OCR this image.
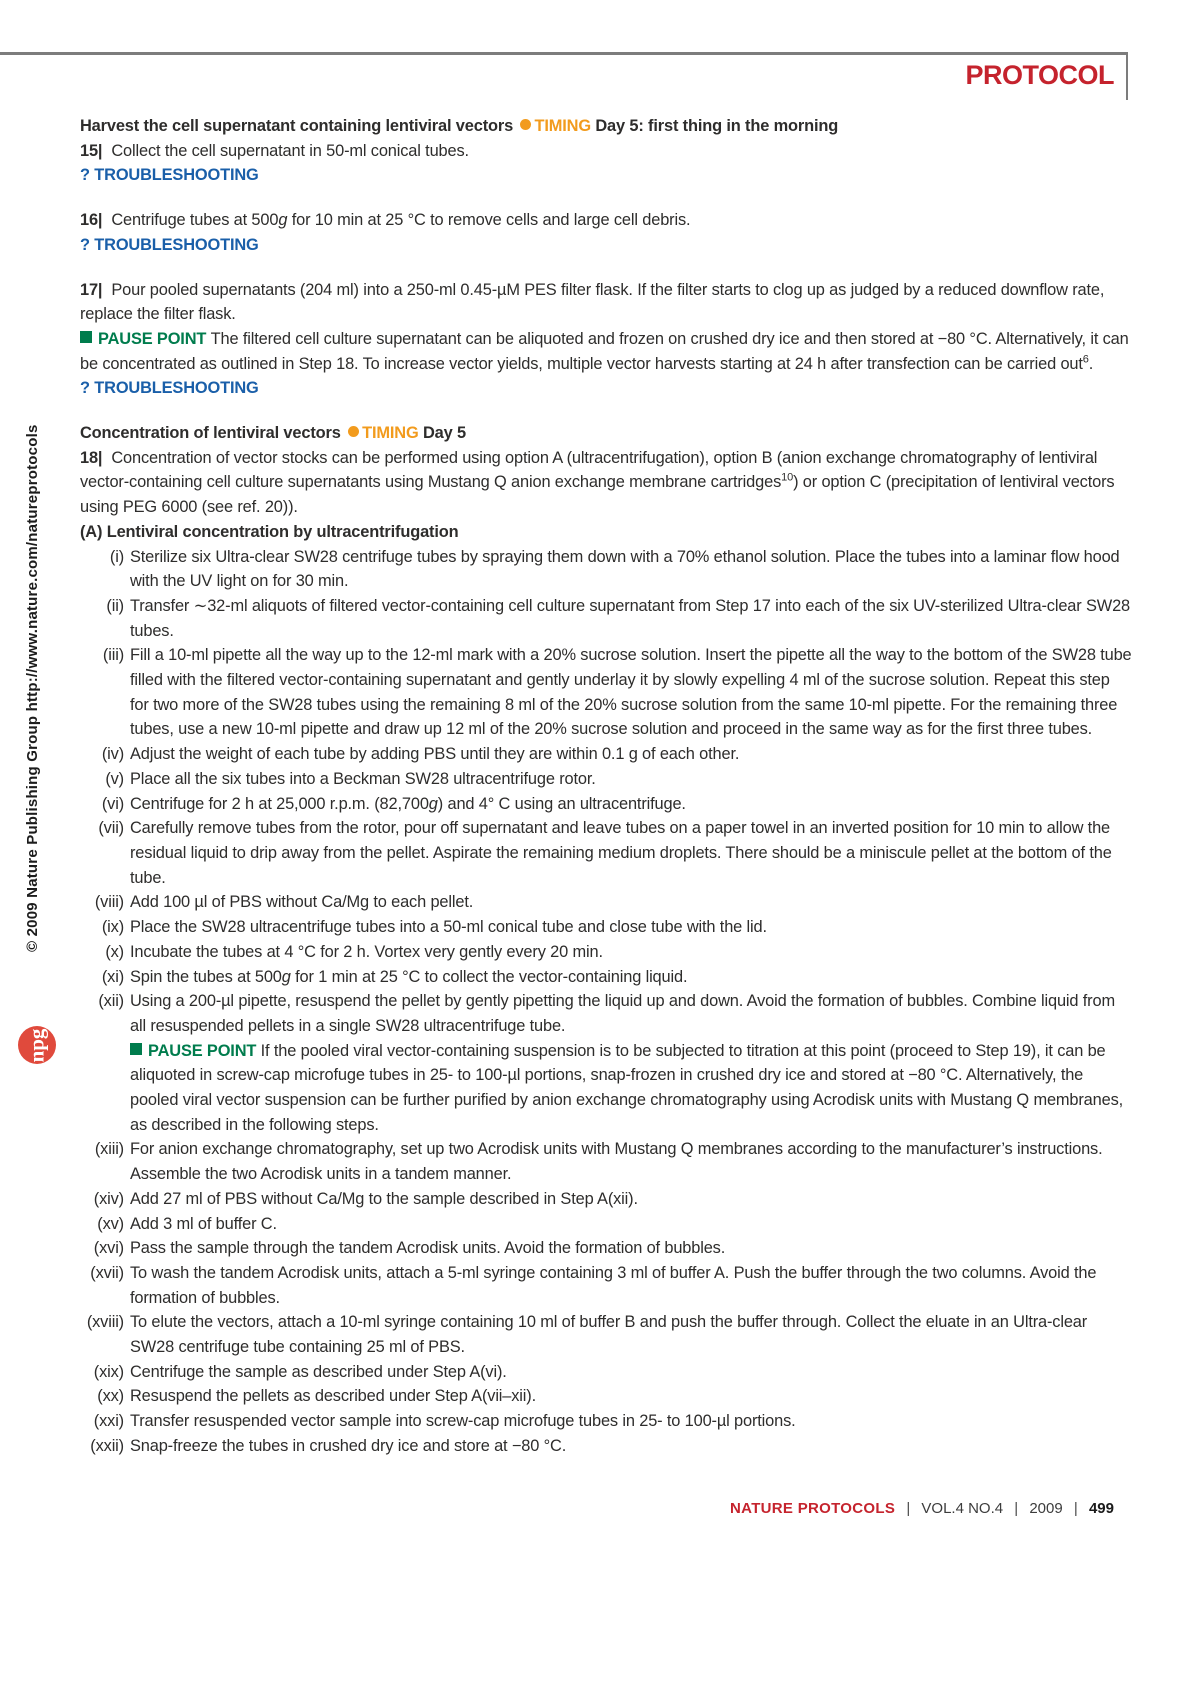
PROTOCOL
© 2009 Nature Publishing Group http://www.nature.com/natureprotocols
npg
Harvest the cell supernatant containing lentiviral vectors TIMING Day 5: first thing in the morning
15| Collect the cell supernatant in 50-ml conical tubes.
? TROUBLESHOOTING
16| Centrifuge tubes at 500g for 10 min at 25 °C to remove cells and large cell debris.
? TROUBLESHOOTING
17| Pour pooled supernatants (204 ml) into a 250-ml 0.45-µM PES filter flask. If the filter starts to clog up as judged by a reduced downflow rate, replace the filter flask.
PAUSE POINT The filtered cell culture supernatant can be aliquoted and frozen on crushed dry ice and then stored at −80 °C. Alternatively, it can be concentrated as outlined in Step 18. To increase vector yields, multiple vector harvests starting at 24 h after transfection can be carried out$^6$.
? TROUBLESHOOTING
Concentration of lentiviral vectors TIMING Day 5
18| Concentration of vector stocks can be performed using option A (ultracentrifugation), option B (anion exchange chromatography of lentiviral vector-containing cell culture supernatants using Mustang Q anion exchange membrane cartridges$^{10}$) or option C (precipitation of lentiviral vectors using PEG 6000 (see ref. 20)).
(A) Lentiviral concentration by ultracentrifugation
(i) Sterilize six Ultra-clear SW28 centrifuge tubes by spraying them down with a 70% ethanol solution. Place the tubes into a laminar flow hood with the UV light on for 30 min.
(ii) Transfer ∼32-ml aliquots of filtered vector-containing cell culture supernatant from Step 17 into each of the six UV-sterilized Ultra-clear SW28 tubes.
(iii) Fill a 10-ml pipette all the way up to the 12-ml mark with a 20% sucrose solution. Insert the pipette all the way to the bottom of the SW28 tube filled with the filtered vector-containing supernatant and gently underlay it by slowly expelling 4 ml of the sucrose solution. Repeat this step for two more of the SW28 tubes using the remaining 8 ml of the 20% sucrose solution from the same 10-ml pipette. For the remaining three tubes, use a new 10-ml pipette and draw up 12 ml of the 20% sucrose solution and proceed in the same way as for the first three tubes.
(iv) Adjust the weight of each tube by adding PBS until they are within 0.1 g of each other.
(v) Place all the six tubes into a Beckman SW28 ultracentrifuge rotor.
(vi) Centrifuge for 2 h at 25,000 r.p.m. (82,700g) and 4° C using an ultracentrifuge.
(vii) Carefully remove tubes from the rotor, pour off supernatant and leave tubes on a paper towel in an inverted position for 10 min to allow the residual liquid to drip away from the pellet. Aspirate the remaining medium droplets. There should be a miniscule pellet at the bottom of the tube.
(viii) Add 100 µl of PBS without Ca/Mg to each pellet.
(ix) Place the SW28 ultracentrifuge tubes into a 50-ml conical tube and close tube with the lid.
(x) Incubate the tubes at 4 °C for 2 h. Vortex very gently every 20 min.
(xi) Spin the tubes at 500g for 1 min at 25 °C to collect the vector-containing liquid.
(xii) Using a 200-µl pipette, resuspend the pellet by gently pipetting the liquid up and down. Avoid the formation of bubbles. Combine liquid from all resuspended pellets in a single SW28 ultracentrifuge tube.
PAUSE POINT If the pooled viral vector-containing suspension is to be subjected to titration at this point (proceed to Step 19), it can be aliquoted in screw-cap microfuge tubes in 25- to 100-µl portions, snap-frozen in crushed dry ice and stored at −80 °C. Alternatively, the pooled viral vector suspension can be further purified by anion exchange chromatography using Acrodisk units with Mustang Q membranes, as described in the following steps.
(xiii) For anion exchange chromatography, set up two Acrodisk units with Mustang Q membranes according to the manufacturer’s instructions. Assemble the two Acrodisk units in a tandem manner.
(xiv) Add 27 ml of PBS without Ca/Mg to the sample described in Step A(xii).
(xv) Add 3 ml of buffer C.
(xvi) Pass the sample through the tandem Acrodisk units. Avoid the formation of bubbles.
(xvii) To wash the tandem Acrodisk units, attach a 5-ml syringe containing 3 ml of buffer A. Push the buffer through the two columns. Avoid the formation of bubbles.
(xviii) To elute the vectors, attach a 10-ml syringe containing 10 ml of buffer B and push the buffer through. Collect the eluate in an Ultra-clear SW28 centrifuge tube containing 25 ml of PBS.
(xix) Centrifuge the sample as described under Step A(vi).
(xx) Resuspend the pellets as described under Step A(vii–xii).
(xxi) Transfer resuspended vector sample into screw-cap microfuge tubes in 25- to 100-µl portions.
(xxii) Snap-freeze the tubes in crushed dry ice and store at −80 °C.
NATURE PROTOCOLS | VOL.4 NO.4 | 2009 | 499
